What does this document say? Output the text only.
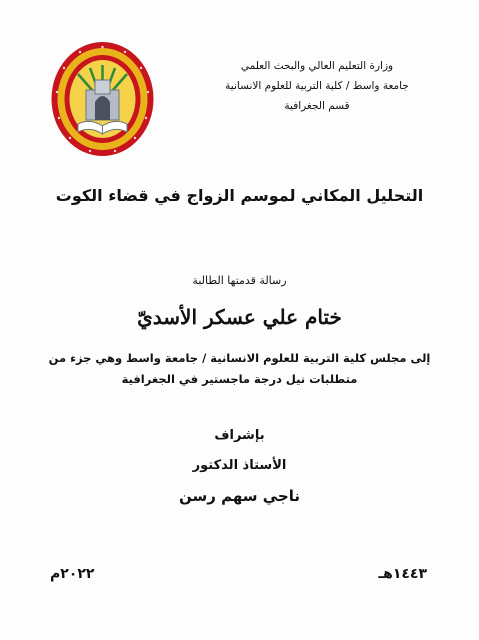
وزارة التعليم العالي والبحث العلمي
جامعة واسط / كلية التربية للعلوم الانسانية
قسم الجغرافية
التحليل المكاني لموسم الزواج في قضاء الكوت
رسالة قدمتها الطالبة
ختام علي عسكر الأسديّ
إلى مجلس كلية التربية للعلوم الانسانية / جامعة واسط وهي جزء من
متطلبات نيل درجة ماجستير في الجغرافية
بإشراف
الأستاذ الدكتور
ناجي سهم رسن
١٤٤٣هـ
٢٠٢٢م
